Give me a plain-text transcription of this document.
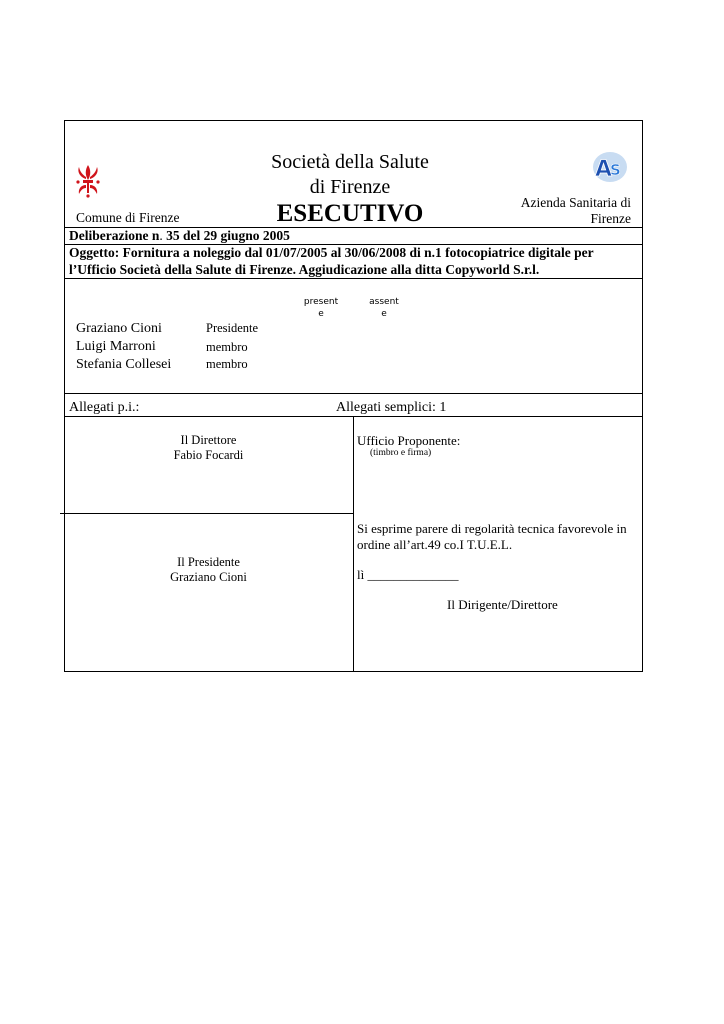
Comune di Firenze
Società della Salute
di Firenze
ESECUTIVO
A
S
Azienda Sanitaria di
Firenze
Deliberazione n. 35 del 29 giugno 2005
Oggetto: Fornitura a noleggio dal 01/07/2005 al 30/06/2008 di n.1 fotocopiatrice digitale per
l’Ufficio Società della Salute di Firenze. Aggiudicazione alla ditta Copyworld S.r.l.
present
e
assent
e
Graziano Cioni	Presidente
Luigi Marroni	membro
Stefania Collesei	membro
Allegati p.i.:	Allegati semplici: 1
Il Direttore
Fabio Focardi
Il Presidente
Graziano Cioni
Ufficio Proponente:
(timbro e firma)
Si esprime parere di regolarità tecnica favorevole in
ordine all’art.49 co.I T.U.E.L.
lì ______________
Il Dirigente/Direttore
